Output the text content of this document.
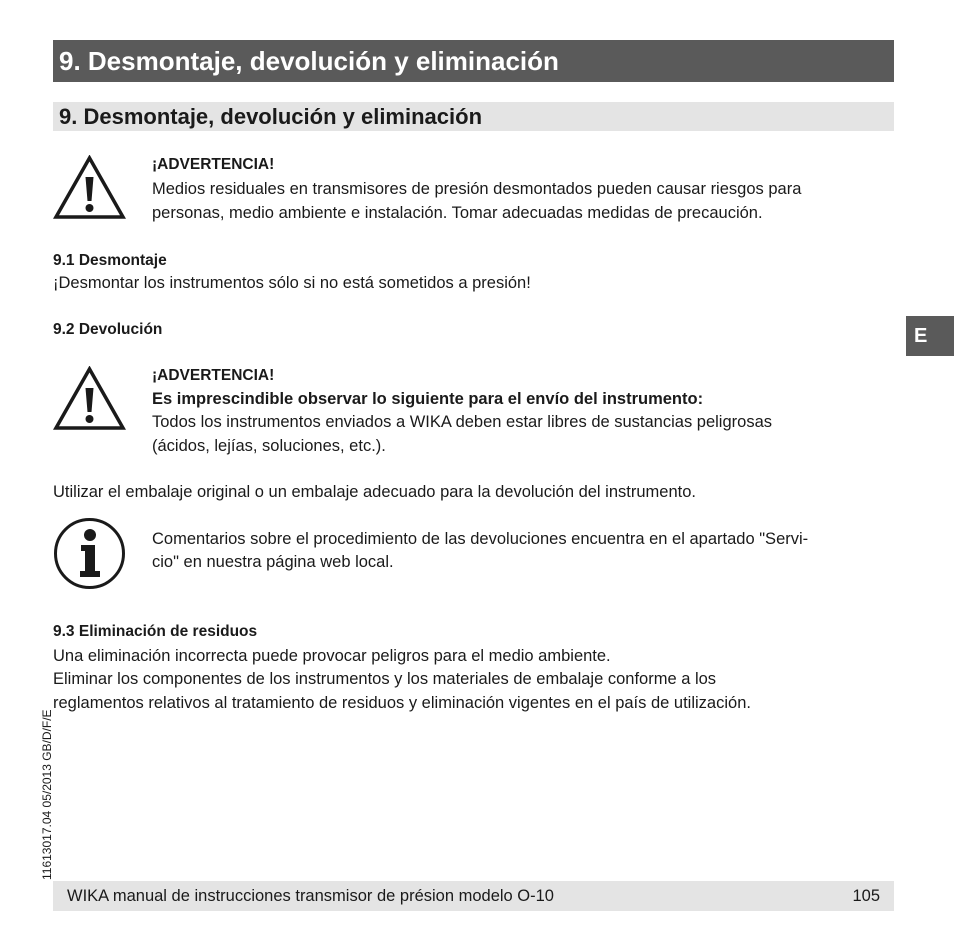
9. Desmontaje, devolución y eliminación
9. Desmontaje, devolución y eliminación
¡ADVERTENCIA!
Medios residuales en transmisores de presión desmontados pueden causar riesgos para
personas, medio ambiente e instalación. Tomar adecuadas medidas de precaución.
9.1 Desmontaje
¡Desmontar los instrumentos sólo si no está sometidos a presión!
9.2 Devolución
¡ADVERTENCIA!
Es imprescindible observar lo siguiente para el envío del instrumento:
Todos los instrumentos enviados a WIKA deben estar libres de sustancias peligrosas
(ácidos, lejías, soluciones, etc.).
Utilizar el embalaje original o un embalaje adecuado para la devolución del instrumento.
Comentarios sobre el procedimiento de las devoluciones encuentra en el apartado "Servi-
cio" en nuestra página web local.
9.3 Eliminación de residuos
Una eliminación incorrecta puede provocar peligros para el medio ambiente.
Eliminar los componentes de los instrumentos y los materiales de embalaje conforme a los
reglamentos relativos al tratamiento de residuos y eliminación vigentes en el país de utilización.
E
11613017.04 05/2013 GB/D/F/E
WIKA manual de instrucciones transmisor de présion modelo O-10	105
